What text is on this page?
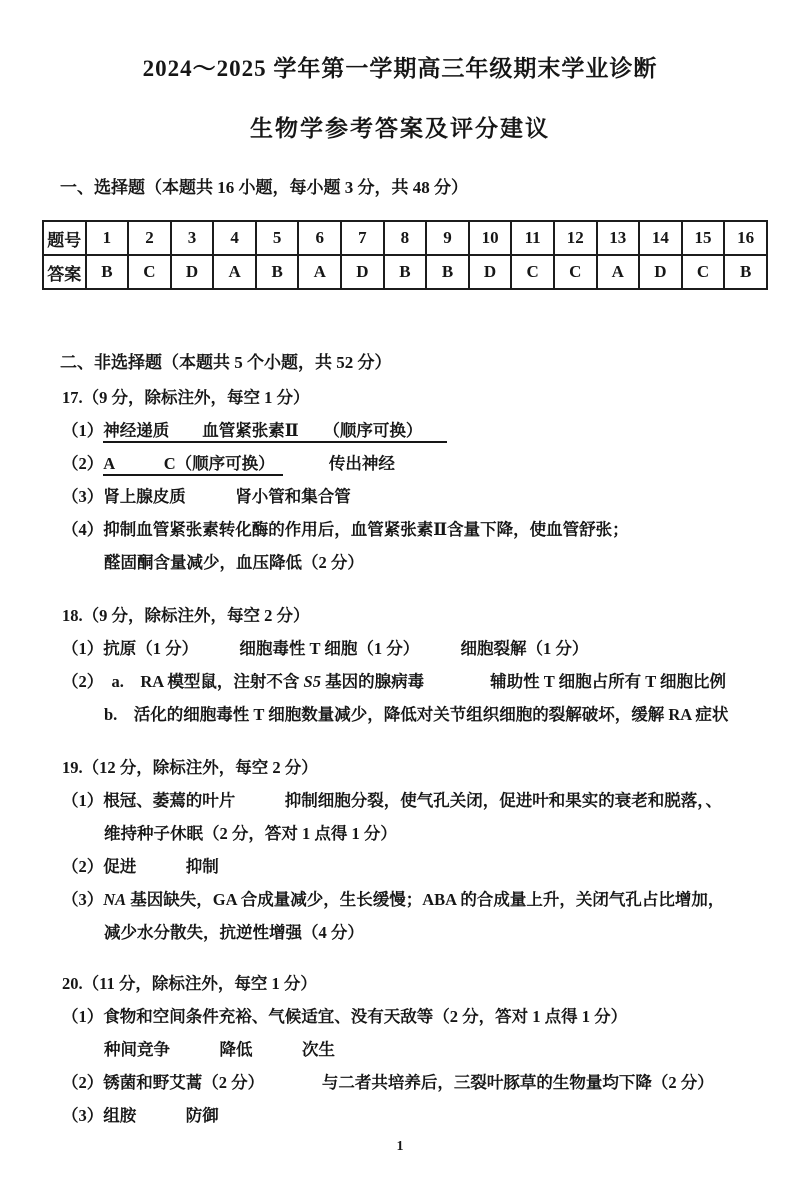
2024～2025 学年第一学期高三年级期末学业诊断
生物学参考答案及评分建议
一、选择题（本题共 16 小题，每小题 3 分，共 48 分）
题号	1	2	3	4	5	6	7	8	9	10	11	12	13	14	15	16
答案	B	C	D	A	B	A	D	B	B	D	C	C	A	D	C	B
二、非选择题（本题共 5 个小题，共 52 分）
17.（9 分，除标注外，每空 1 分）
（1）神经递质　　血管紧张素Ⅱ　　（顺序可换）　　
（2）A　　　C（顺序可换）　	传出神经
（3）肾上腺皮质　　　肾小管和集合管
（4）抑制血管紧张素转化酶的作用后，血管紧张素Ⅱ含量下降，使血管舒张；
醛固酮含量减少，血压降低（2 分）
18.（9 分，除标注外，每空 2 分）
（1）抗原（1 分）　　　细胞毒性 T 细胞（1 分）　　　细胞裂解（1 分）
（2）　a.　RA 模型鼠，注射不含 S5 基因的腺病毒　　　　辅助性 T 细胞占所有 T 细胞比例
b.　活化的细胞毒性 T 细胞数量减少，降低对关节组织细胞的裂解破坏，缓解 RA 症状
19.（12 分，除标注外，每空 2 分）
（1）根冠、萎蔫的叶片　　　抑制细胞分裂，使气孔关闭，促进叶和果实的衰老和脱落，、
维持种子休眠（2 分，答对 1 点得 1 分）
（2）促进　　　抑制
（3）NA 基因缺失，GA 合成量减少，生长缓慢；ABA 的合成量上升，关闭气孔占比增加，
减少水分散失，抗逆性增强（4 分）
20.（11 分，除标注外，每空 1 分）
（1）食物和空间条件充裕、气候适宜、没有天敌等（2 分，答对 1 点得 1 分）
种间竞争　　　降低　　　次生
（2）锈菌和野艾蒿（2 分）　　　　与二者共培养后，三裂叶豚草的生物量均下降（2 分）
（3）组胺　　　防御
1
